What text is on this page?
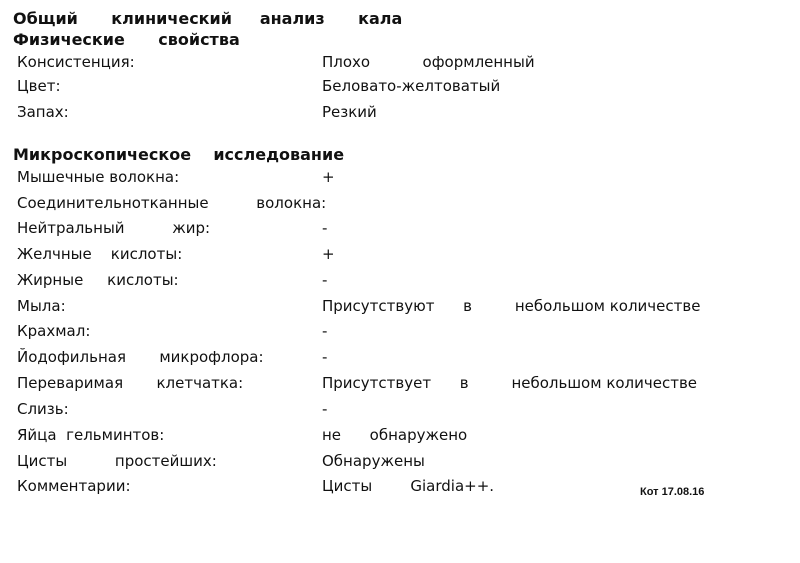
Общий      клинический     анализ      кала
Физические      свойства

Консистенция:

	Плохо           оформленный

Цвет:

	Беловато-желтоватый

Запах:

	Резкий

Микроскопическое    исследование

Мышечные волокна:

	+

Соединительнотканные          волокна:

Нейтральный          жир:

	-

Желчные    кислоты:

	+

Жирные     кислоты:

	-

Мыла:

	Присутствуют      в         небольшом количестве

Крахмал:

	-

Йодофильная       микрофлора:

	-

Переваримая       клетчатка:

	Присутствует      в         небольшом количестве

Слизь:

	-

Яйца  гельминтов:

	не      обнаружено

Цисты          простейших:

	Обнаружены

Комментарии:

	Цисты        Giardia++.

	Кот 17.08.16
